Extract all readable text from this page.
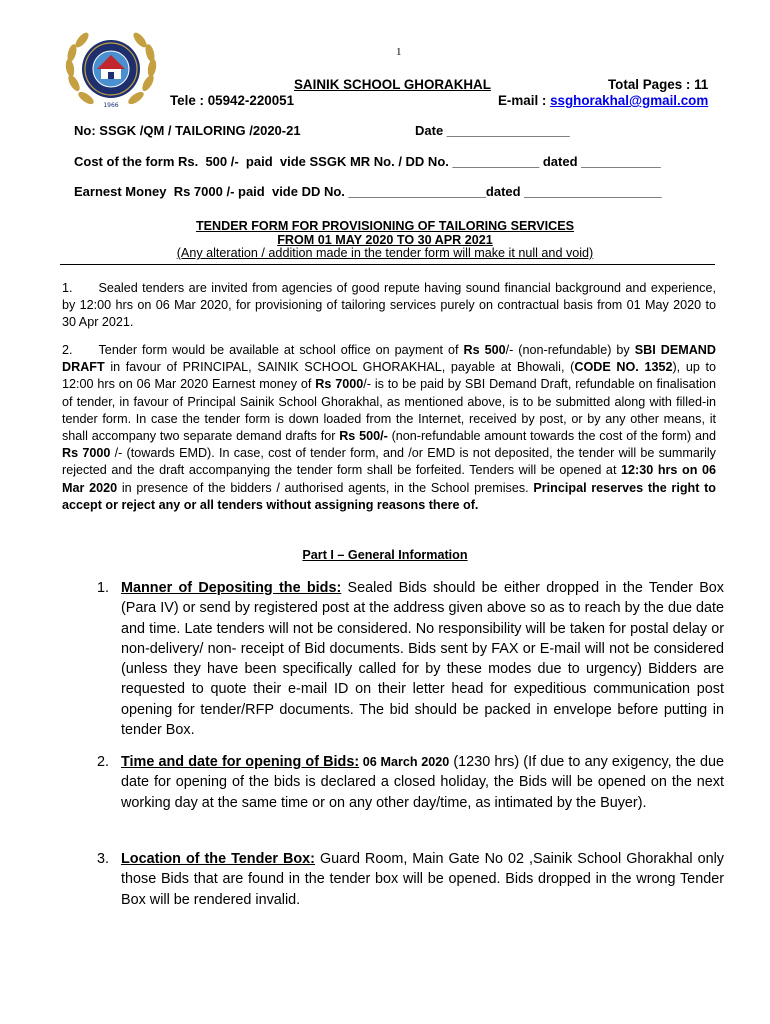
1
1966
SAINIK SCHOOL GHORAKHAL	Total Pages : 11
Tele : 05942-220051	E-mail : ssghorakhal@gmail.com
No: SSGK /QM / TAILORING /2020-21	Date _________________
Cost of the form Rs.  500 /-  paid  vide SSGK MR No. / DD No. ____________ dated ___________
Earnest Money  Rs 7000 /- paid  vide DD No. ___________________dated ___________________
TENDER FORM FOR PROVISIONING OF TAILORING SERVICES
FROM 01 MAY 2020 TO 30 APR 2021
(Any alteration / addition made in the tender form will make it null and void)
1. Sealed tenders are invited from agencies of good repute having sound financial background and experience, by 12:00 hrs on 06 Mar 2020, for provisioning of tailoring services purely on contractual basis from 01 May 2020 to 30 Apr 2021.
2. Tender form would be available at school office on payment of Rs 500/- (non-refundable) by SBI DEMAND DRAFT in favour of PRINCIPAL, SAINIK SCHOOL GHORAKHAL, payable at Bhowali, (CODE NO. 1352), up to 12:00 hrs on 06 Mar 2020 Earnest money of Rs 7000/- is to be paid by SBI Demand Draft, refundable on finalisation of tender, in favour of Principal Sainik School Ghorakhal, as mentioned above, is to be submitted along with filled-in tender form. In case the tender form is down loaded from the Internet, received by post, or by any other means, it shall accompany two separate demand drafts for Rs 500/- (non-refundable amount towards the cost of the form) and Rs 7000 /- (towards EMD). In case, cost of tender form, and /or EMD is not deposited, the tender will be summarily rejected and the draft accompanying the tender form shall be forfeited. Tenders will be opened at 12:30 hrs on 06 Mar 2020 in presence of the bidders / authorised agents, in the School premises. Principal reserves the right to accept or reject any or all tenders without assigning reasons there of.
Part I – General Information
1. Manner of Depositing the bids: Sealed Bids should be either dropped in the Tender Box (Para IV) or send by registered post at the address given above so as to reach by the due date and time. Late tenders will not be considered. No responsibility will be taken for postal delay or non-delivery/ non- receipt of Bid documents. Bids sent by FAX or E-mail will not be considered (unless they have been specifically called for by these modes due to urgency) Bidders are requested to quote their e-mail ID on their letter head for expeditious communication post opening for tender/RFP documents. The bid should be packed in envelope before putting in tender Box.
2. Time and date for opening of Bids: 06 March 2020 (1230 hrs) (If due to any exigency, the due date for opening of the bids is declared a closed holiday, the Bids will be opened on the next working day at the same time or on any other day/time, as intimated by the Buyer).
3. Location of the Tender Box: Guard Room, Main Gate No 02 ,Sainik School Ghorakhal only those Bids that are found in the tender box will be opened. Bids dropped in the wrong Tender Box will be rendered invalid.
